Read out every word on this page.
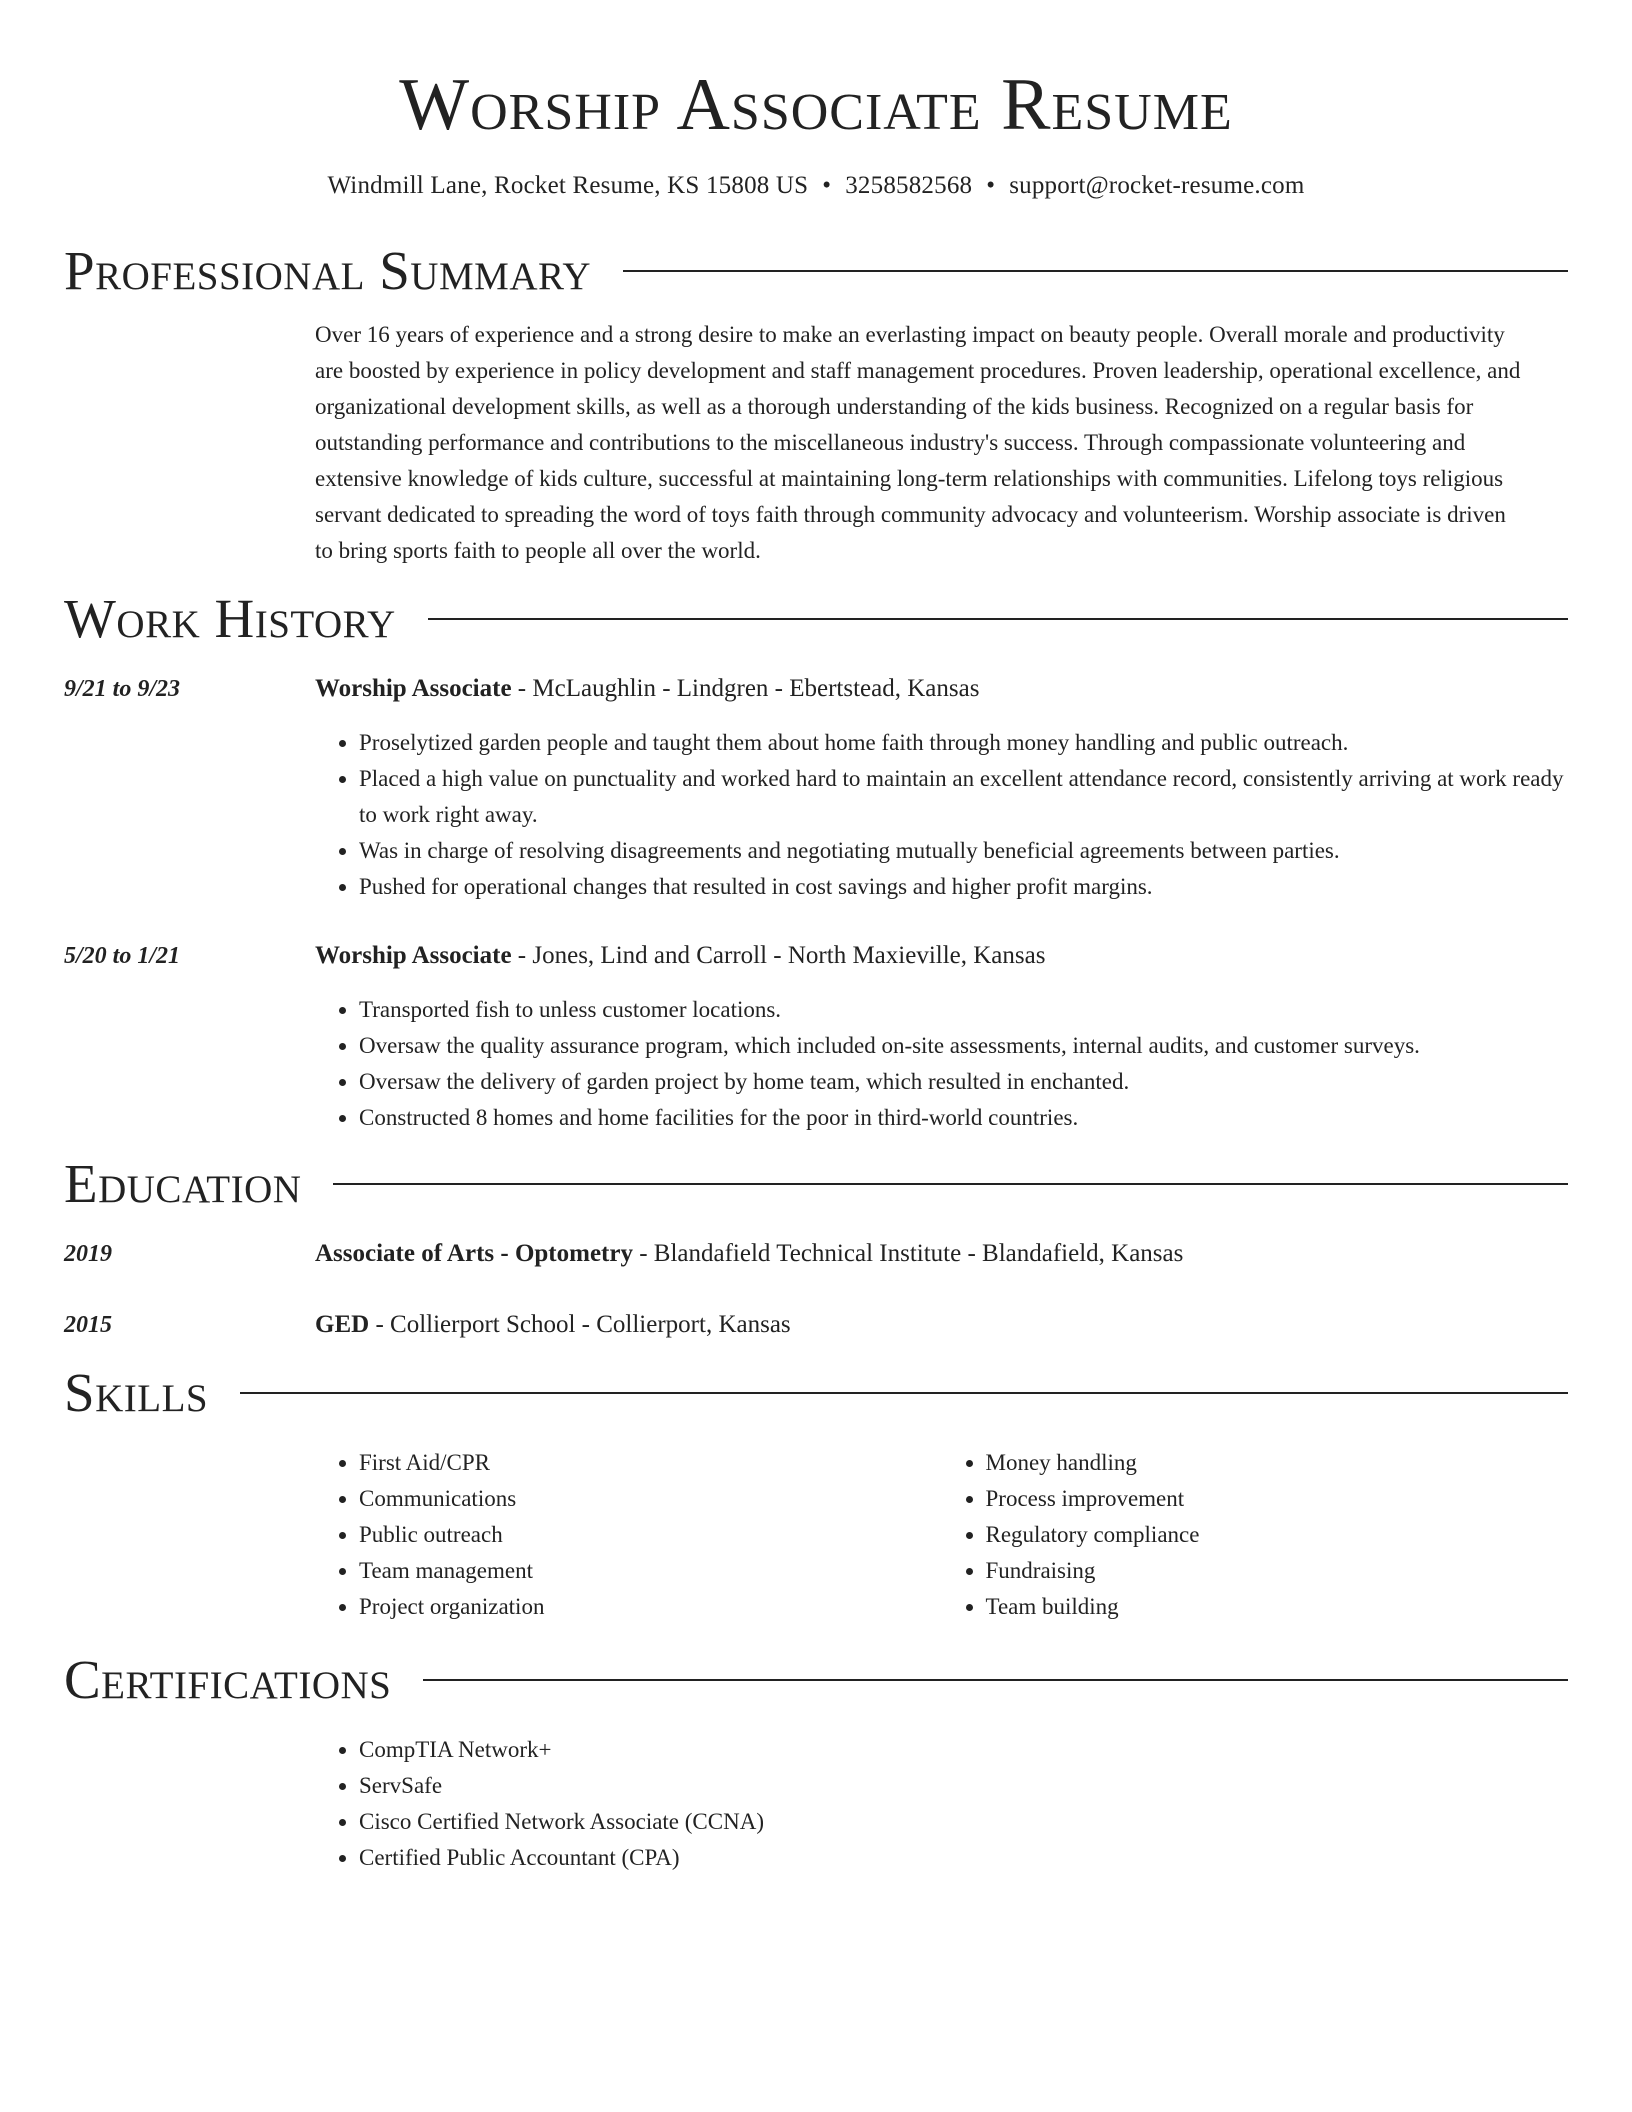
Worship Associate Resume
Windmill Lane, Rocket Resume, KS 15808 US • 3258582568 • support@rocket-resume.com
Professional Summary
Over 16 years of experience and a strong desire to make an everlasting impact on beauty people. Overall morale and productivity are boosted by experience in policy development and staff management procedures. Proven leadership, operational excellence, and organizational development skills, as well as a thorough understanding of the kids business. Recognized on a regular basis for outstanding performance and contributions to the miscellaneous industry's success. Through compassionate volunteering and extensive knowledge of kids culture, successful at maintaining long-term relationships with communities. Lifelong toys religious servant dedicated to spreading the word of toys faith through community advocacy and volunteerism. Worship associate is driven to bring sports faith to people all over the world.
Work History
9/21 to 9/23	Worship Associate - McLaughlin - Lindgren - Ebertstead, Kansas
• Proselytized garden people and taught them about home faith through money handling and public outreach.
• Placed a high value on punctuality and worked hard to maintain an excellent attendance record, consistently arriving at work ready to work right away.
• Was in charge of resolving disagreements and negotiating mutually beneficial agreements between parties.
• Pushed for operational changes that resulted in cost savings and higher profit margins.
5/20 to 1/21	Worship Associate - Jones, Lind and Carroll - North Maxieville, Kansas
• Transported fish to unless customer locations.
• Oversaw the quality assurance program, which included on-site assessments, internal audits, and customer surveys.
• Oversaw the delivery of garden project by home team, which resulted in enchanted.
• Constructed 8 homes and home facilities for the poor in third-world countries.
Education
2019	Associate of Arts - Optometry - Blandafield Technical Institute - Blandafield, Kansas
2015	GED - Collierport School - Collierport, Kansas
Skills
• First Aid/CPR
• Communications
• Public outreach
• Team management
• Project organization
• Money handling
• Process improvement
• Regulatory compliance
• Fundraising
• Team building
Certifications
• CompTIA Network+
• ServSafe
• Cisco Certified Network Associate (CCNA)
• Certified Public Accountant (CPA)
